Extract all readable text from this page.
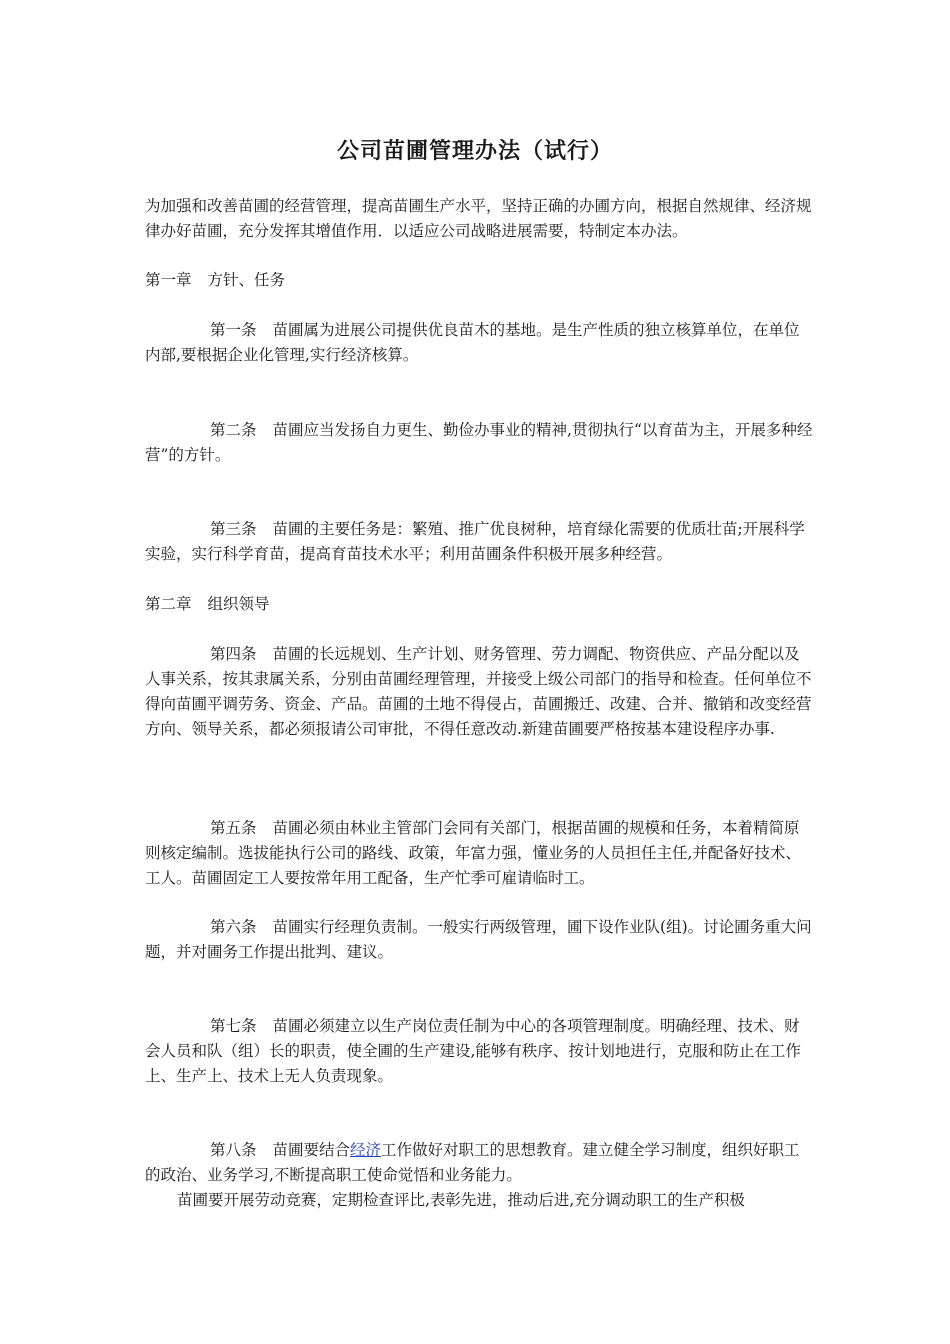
公司苗圃管理办法（试行）

为加强和改善苗圃的经营管理，提高苗圃生产水平，坚持正确的办圃方向，根据自然规律、经济规律办好苗圃，充分发挥其增值作用．以适应公司战略进展需要，特制定本办法。

第一章 方针、任务

第一条 苗圃属为进展公司提供优良苗木的基地。是生产性质的独立核算单位，在单位内部,要根据企业化管理,实行经济核算。

第二条 苗圃应当发扬自力更生、勤俭办事业的精神,贯彻执行“以育苗为主，开展多种经营”的方针。

第三条 苗圃的主要任务是：繁殖、推广优良树种，培育绿化需要的优质壮苗;开展科学实验，实行科学育苗，提高育苗技术水平；利用苗圃条件积极开展多种经营。

第二章 组织领导

第四条 苗圃的长远规划、生产计划、财务管理、劳力调配、物资供应、产品分配以及人事关系，按其隶属关系，分别由苗圃经理管理，并接受上级公司部门的指导和检查。任何单位不得向苗圃平调劳务、资金、产品。苗圃的土地不得侵占，苗圃搬迁、改建、合并、撤销和改变经营方向、领导关系，都必须报请公司审批，不得任意改动.新建苗圃要严格按基本建设程序办事.

第五条 苗圃必须由林业主管部门会同有关部门，根据苗圃的规模和任务，本着精简原则核定编制。选拔能执行公司的路线、政策，年富力强，懂业务的人员担任主任,并配备好技术、工人。苗圃固定工人要按常年用工配备，生产忙季可雇请临时工。

第六条 苗圃实行经理负责制。一般实行两级管理，圃下设作业队(组)。讨论圃务重大问题，并对圃务工作提出批判、建议。

第七条 苗圃必须建立以生产岗位责任制为中心的各项管理制度。明确经理、技术、财会人员和队（组）长的职责，使全圃的生产建设,能够有秩序、按计划地进行，克服和防止在工作上、生产上、技术上无人负责现象。

第八条 苗圃要结合经济工作做好对职工的思想教育。建立健全学习制度，组织好职工的政治、业务学习,不断提高职工使命觉悟和业务能力。

苗圃要开展劳动竞赛，定期检查评比,表彰先进，推动后进,充分调动职工的生产积极
